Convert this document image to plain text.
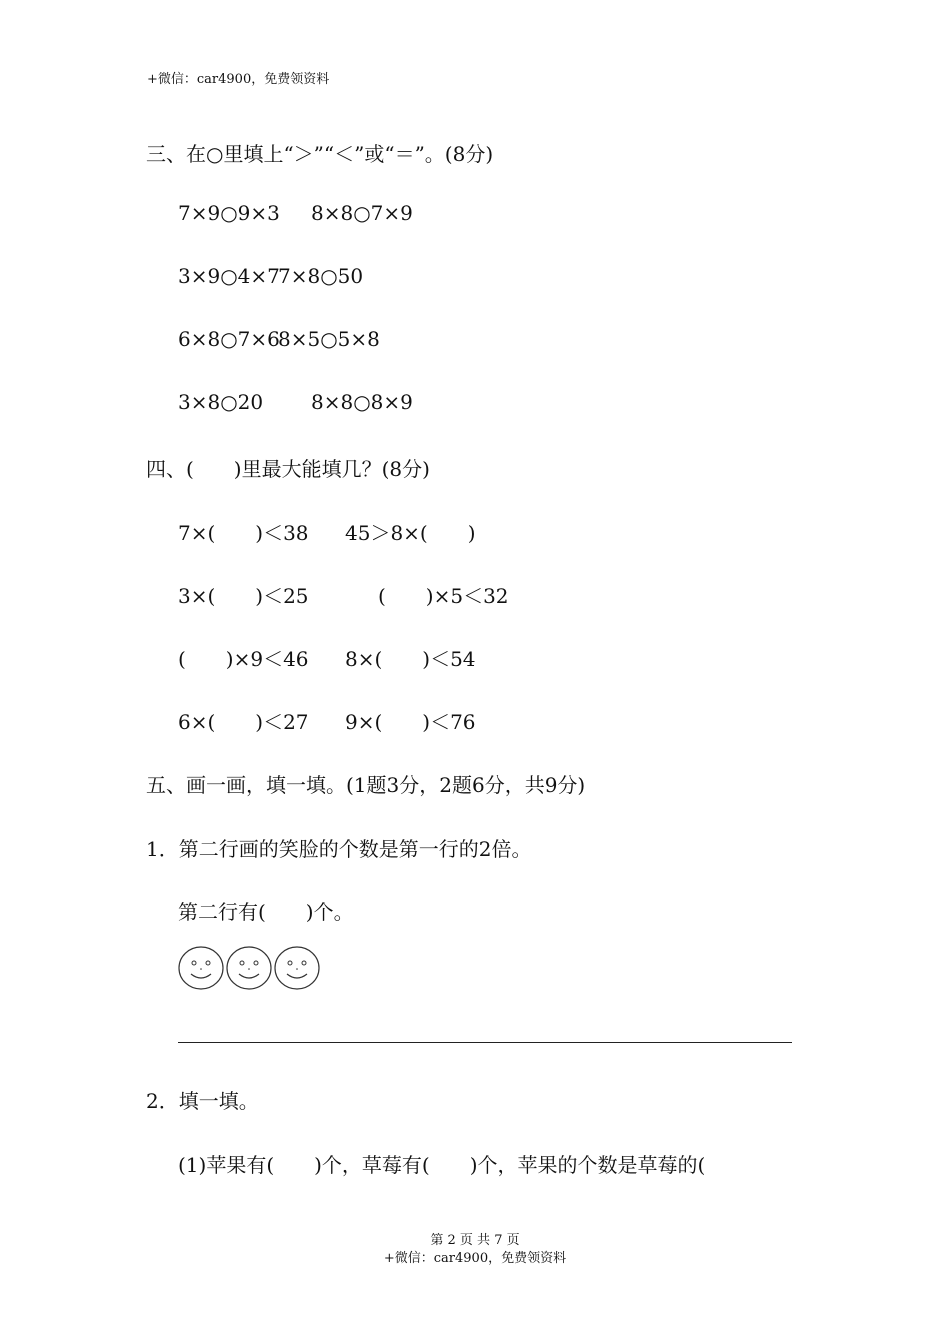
+微信：car4900，免费领资料
三、在○里填上“＞”“＜”或“＝”。(8分)
7×9○9×3 8×8○7×9
3×9○4×7
7×8○50
6×8○7×6
8×5○5×8
3×8○20 8×8○8×9
四、(　　)里最大能填几？(8分)
7×(　　)＜38 45＞8×(　　)
3×(　　)＜25	(　　)×5＜32
(　　)×9＜46 8×(　　)＜54
6×(　　)＜27 9×(　　)＜76
五、画一画，填一填。(1题3分，2题6分，共9分)
1．第二行画的笑脸的个数是第一行的2倍。
第二行有(　　)个。
2．填一填。
(1)苹果有(　　)个，草莓有(　　)个，苹果的个数是草莓的(
第 2 页 共 7 页
+微信：car4900，免费领资料
